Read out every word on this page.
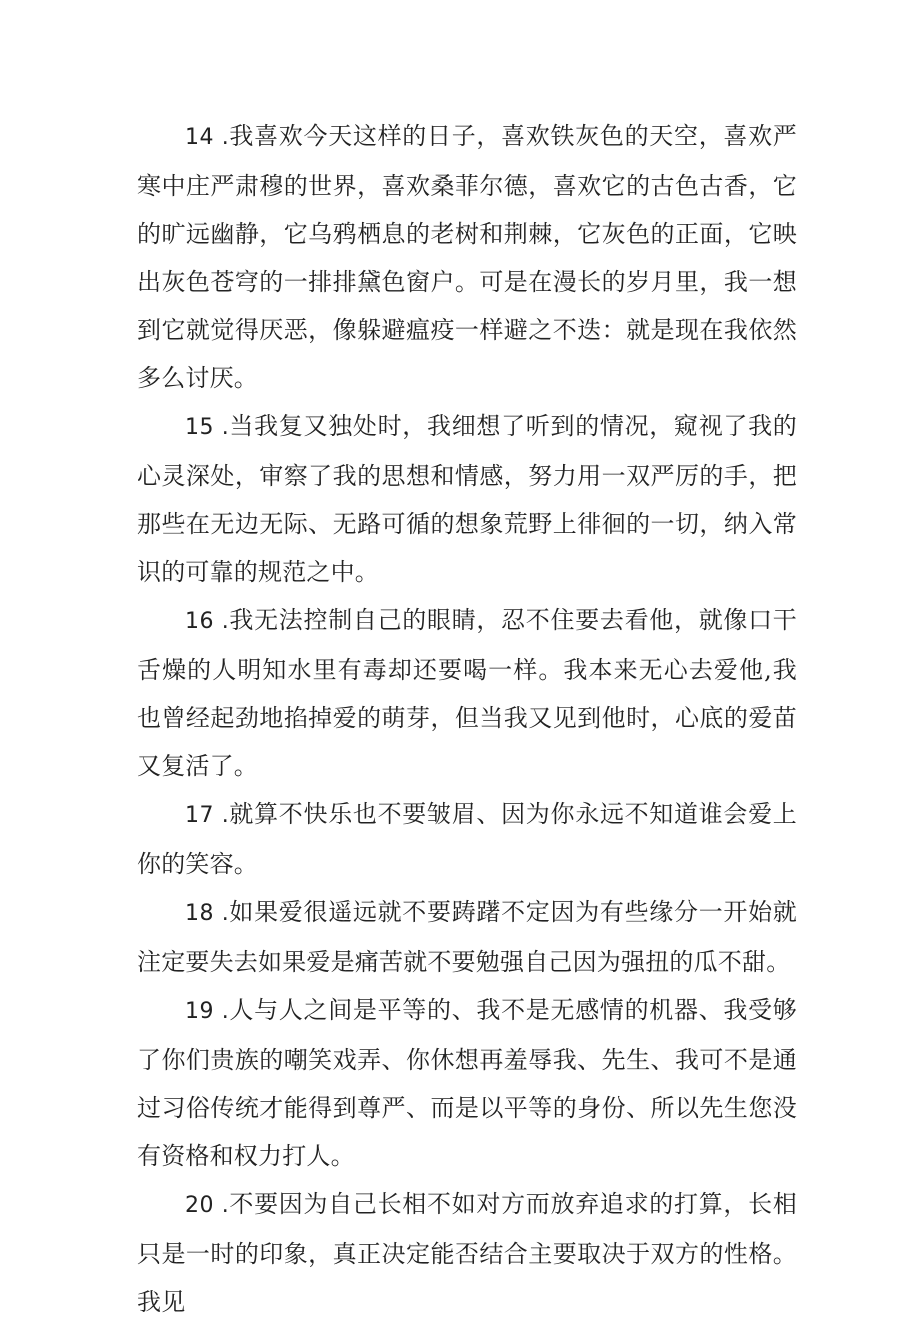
14 .我喜欢今天这样的日子，喜欢铁灰色的天空，喜欢严寒中庄严肃穆的世界，喜欢桑菲尔德，喜欢它的古色古香，它的旷远幽静，它乌鸦栖息的老树和荆棘，它灰色的正面，它映出灰色苍穹的一排排黛色窗户。可是在漫长的岁月里，我一想到它就觉得厌恶，像躲避瘟疫一样避之不迭：就是现在我依然多么讨厌。

15 .当我复又独处时，我细想了听到的情况，窥视了我的心灵深处，审察了我的思想和情感，努力用一双严厉的手，把那些在无边无际、无路可循的想象荒野上徘徊的一切，纳入常识的可靠的规范之中。

16 .我无法控制自己的眼睛，忍不住要去看他，就像口干舌燥的人明知水里有毒却还要喝一样。我本来无心去爱他,我也曾经起劲地掐掉爱的萌芽，但当我又见到他时，心底的爱苗又复活了。

17 .就算不快乐也不要皱眉、因为你永远不知道谁会爱上你的笑容。

18 .如果爱很遥远就不要踌躇不定因为有些缘分一开始就注定要失去如果爱是痛苦就不要勉强自己因为强扭的瓜不甜。

19 .人与人之间是平等的、我不是无感情的机器、我受够了你们贵族的嘲笑戏弄、你休想再羞辱我、先生、我可不是通过习俗传统才能得到尊严、而是以平等的身份、所以先生您没有资格和权力打人。

20 .不要因为自己长相不如对方而放弃追求的打算，长相只是一时的印象，真正决定能否结合主要取决于双方的性格。我见
